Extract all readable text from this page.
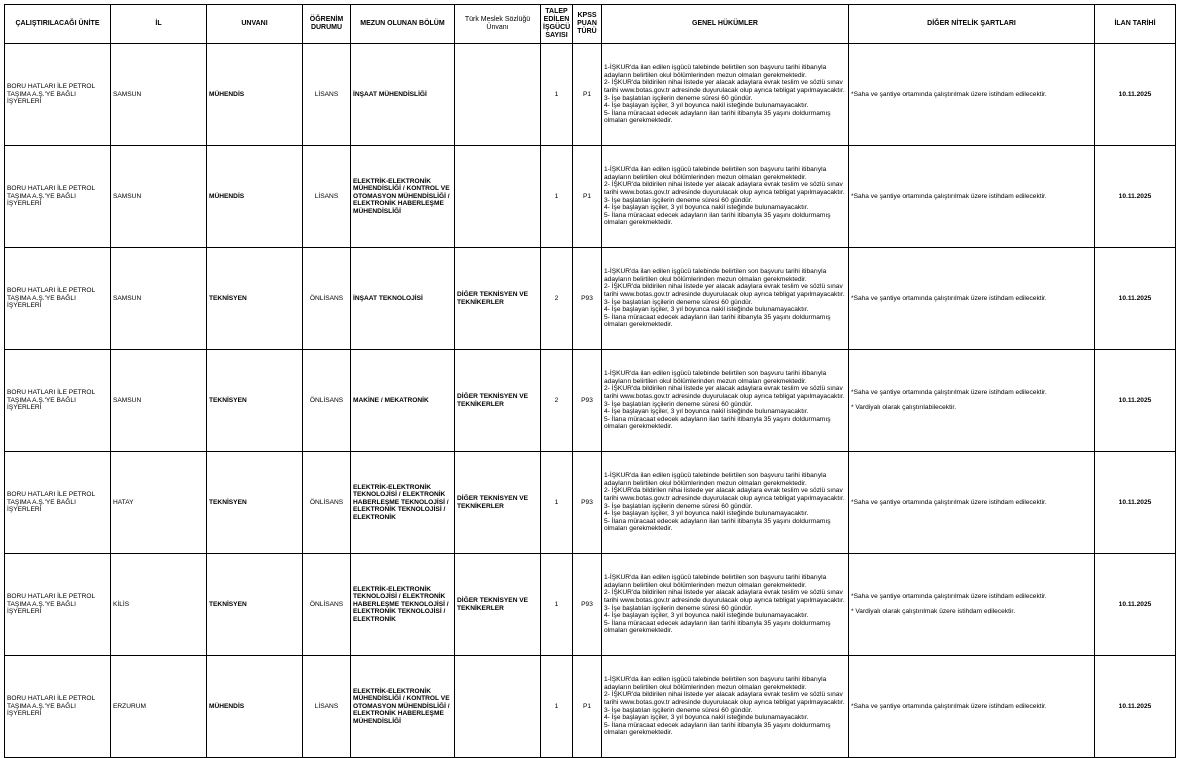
ÇALIŞTIRILACAĞI ÜNİTE	İL	UNVANI	ÖĞRENİM DURUMU	MEZUN OLUNAN BÖLÜM	Türk Meslek Sözlüğü Ünvanı	TALEP EDİLEN İŞGÜCÜ SAYISI	KPSS PUAN TÜRÜ	GENEL HÜKÜMLER	DİĞER NİTELİK ŞARTLARI	İLAN TARİHİ
BORU HATLARI İLE PETROL TAŞIMA A.Ş.'YE BAĞLI İŞYERLERİ	SAMSUN	MÜHENDİS	LİSANS	İNŞAAT MÜHENDİSLİĞİ		1	P1	1-İŞKUR'da ilan edilen işgücü talebinde belirtilen son başvuru tarihi itibarıyla adayların belirtilen okul bölümlerinden mezun olmaları gerekmektedir.
2- İŞKUR'da bildirilen nihai listede yer alacak adaylara evrak teslim ve sözlü sınav tarihi www.botas.gov.tr adresinde duyurulacak olup ayrıca tebligat yapılmayacaktır.
3- İşe başlatılan işçilerin deneme süresi 60 gündür.
4- İşe başlayan işçiler, 3 yıl boyunca nakil isteğinde bulunamayacaktır.
5- İlana müracaat edecek adayların ilan tarihi itibarıyla 35 yaşını doldurmamış olmaları gerekmektedir.	*Saha ve şantiye ortamında çalıştırılmak üzere istihdam edilecektir.	10.11.2025
BORU HATLARI İLE PETROL TAŞIMA A.Ş.'YE BAĞLI İŞYERLERİ	SAMSUN	MÜHENDİS	LİSANS	ELEKTRİK-ELEKTRONİK MÜHENDİSLİĞİ / KONTROL VE OTOMASYON MÜHENDİSLİĞİ / ELEKTRONİK HABERLEŞME MÜHENDİSLİĞİ		1	P1	1-İŞKUR'da ilan edilen işgücü talebinde belirtilen son başvuru tarihi itibarıyla adayların belirtilen okul bölümlerinden mezun olmaları gerekmektedir.
2- İŞKUR'da bildirilen nihai listede yer alacak adaylara evrak teslim ve sözlü sınav tarihi www.botas.gov.tr adresinde duyurulacak olup ayrıca tebligat yapılmayacaktır.
3- İşe başlatılan işçilerin deneme süresi 60 gündür.
4- İşe başlayan işçiler, 3 yıl boyunca nakil isteğinde bulunamayacaktır.
5- İlana müracaat edecek adayların ilan tarihi itibarıyla 35 yaşını doldurmamış olmaları gerekmektedir.	*Saha ve şantiye ortamında çalıştırılmak üzere istihdam edilecektir.	10.11.2025
BORU HATLARI İLE PETROL TAŞIMA A.Ş.'YE BAĞLI İŞYERLERİ	SAMSUN	TEKNİSYEN	ÖNLİSANS	İNŞAAT TEKNOLOJİSİ	DİĞER TEKNİSYEN VE TEKNİKERLER	2	P93	1-İŞKUR'da ilan edilen işgücü talebinde belirtilen son başvuru tarihi itibarıyla adayların belirtilen okul bölümlerinden mezun olmaları gerekmektedir.
2- İŞKUR'da bildirilen nihai listede yer alacak adaylara evrak teslim ve sözlü sınav tarihi www.botas.gov.tr adresinde duyurulacak olup ayrıca tebligat yapılmayacaktır.
3- İşe başlatılan işçilerin deneme süresi 60 gündür.
4- İşe başlayan işçiler, 3 yıl boyunca nakil isteğinde bulunamayacaktır.
5- İlana müracaat edecek adayların ilan tarihi itibarıyla 35 yaşını doldurmamış olmaları gerekmektedir.	*Saha ve şantiye ortamında çalıştırılmak üzere istihdam edilecektir.	10.11.2025
BORU HATLARI İLE PETROL TAŞIMA A.Ş.'YE BAĞLI İŞYERLERİ	SAMSUN	TEKNİSYEN	ÖNLİSANS	MAKİNE / MEKATRONİK	DİĞER TEKNİSYEN VE TEKNİKERLER	2	P93	1-İŞKUR'da ilan edilen işgücü talebinde belirtilen son başvuru tarihi itibarıyla adayların belirtilen okul bölümlerinden mezun olmaları gerekmektedir.
2- İŞKUR'da bildirilen nihai listede yer alacak adaylara evrak teslim ve sözlü sınav tarihi www.botas.gov.tr adresinde duyurulacak olup ayrıca tebligat yapılmayacaktır.
3- İşe başlatılan işçilerin deneme süresi 60 gündür.
4- İşe başlayan işçiler, 3 yıl boyunca nakil isteğinde bulunamayacaktır.
5- İlana müracaat edecek adayların ilan tarihi itibarıyla 35 yaşını doldurmamış olmaları gerekmektedir.	*Saha ve şantiye ortamında çalıştırılmak üzere istihdam edilecektir.
* Vardiyalı olarak çalıştırılabilecektir.	10.11.2025
BORU HATLARI İLE PETROL TAŞIMA A.Ş.'YE BAĞLI İŞYERLERİ	HATAY	TEKNİSYEN	ÖNLİSANS	ELEKTRİK-ELEKTRONİK TEKNOLOJİSİ / ELEKTRONİK HABERLEŞME TEKNOLOJİSİ / ELEKTRONİK TEKNOLOJİSİ / ELEKTRONİK	DİĞER TEKNİSYEN VE TEKNİKERLER	1	P93	1-İŞKUR'da ilan edilen işgücü talebinde belirtilen son başvuru tarihi itibarıyla adayların belirtilen okul bölümlerinden mezun olmaları gerekmektedir.
2- İŞKUR'da bildirilen nihai listede yer alacak adaylara evrak teslim ve sözlü sınav tarihi www.botas.gov.tr adresinde duyurulacak olup ayrıca tebligat yapılmayacaktır.
3- İşe başlatılan işçilerin deneme süresi 60 gündür.
4- İşe başlayan işçiler, 3 yıl boyunca nakil isteğinde bulunamayacaktır.
5- İlana müracaat edecek adayların ilan tarihi itibarıyla 35 yaşını doldurmamış olmaları gerekmektedir.	*Saha ve şantiye ortamında çalıştırılmak üzere istihdam edilecektir.	10.11.2025
BORU HATLARI İLE PETROL TAŞIMA A.Ş.'YE BAĞLI İŞYERLERİ	KİLİS	TEKNİSYEN	ÖNLİSANS	ELEKTRİK-ELEKTRONİK TEKNOLOJİSİ / ELEKTRONİK HABERLEŞME TEKNOLOJİSİ / ELEKTRONİK TEKNOLOJİSİ / ELEKTRONİK	DİĞER TEKNİSYEN VE TEKNİKERLER	1	P93	1-İŞKUR'da ilan edilen işgücü talebinde belirtilen son başvuru tarihi itibarıyla adayların belirtilen okul bölümlerinden mezun olmaları gerekmektedir.
2- İŞKUR'da bildirilen nihai listede yer alacak adaylara evrak teslim ve sözlü sınav tarihi www.botas.gov.tr adresinde duyurulacak olup ayrıca tebligat yapılmayacaktır.
3- İşe başlatılan işçilerin deneme süresi 60 gündür.
4- İşe başlayan işçiler, 3 yıl boyunca nakil isteğinde bulunamayacaktır.
5- İlana müracaat edecek adayların ilan tarihi itibarıyla 35 yaşını doldurmamış olmaları gerekmektedir.	*Saha ve şantiye ortamında çalıştırılmak üzere istihdam edilecektir.
* Vardiyalı olarak çalıştırılmak üzere istihdam edilecektir.	10.11.2025
BORU HATLARI İLE PETROL TAŞIMA A.Ş.'YE BAĞLI İŞYERLERİ	ERZURUM	MÜHENDİS	LİSANS	ELEKTRİK-ELEKTRONİK MÜHENDİSLİĞİ / KONTROL VE OTOMASYON MÜHENDİSLİĞİ / ELEKTRONİK HABERLEŞME MÜHENDİSLİĞİ		1	P1	1-İŞKUR'da ilan edilen işgücü talebinde belirtilen son başvuru tarihi itibarıyla adayların belirtilen okul bölümlerinden mezun olmaları gerekmektedir.
2- İŞKUR'da bildirilen nihai listede yer alacak adaylara evrak teslim ve sözlü sınav tarihi www.botas.gov.tr adresinde duyurulacak olup ayrıca tebligat yapılmayacaktır.
3- İşe başlatılan işçilerin deneme süresi 60 gündür.
4- İşe başlayan işçiler, 3 yıl boyunca nakil isteğinde bulunamayacaktır.
5- İlana müracaat edecek adayların ilan tarihi itibarıyla 35 yaşını doldurmamış olmaları gerekmektedir.	*Saha ve şantiye ortamında çalıştırılmak üzere istihdam edilecektir.	10.11.2025
